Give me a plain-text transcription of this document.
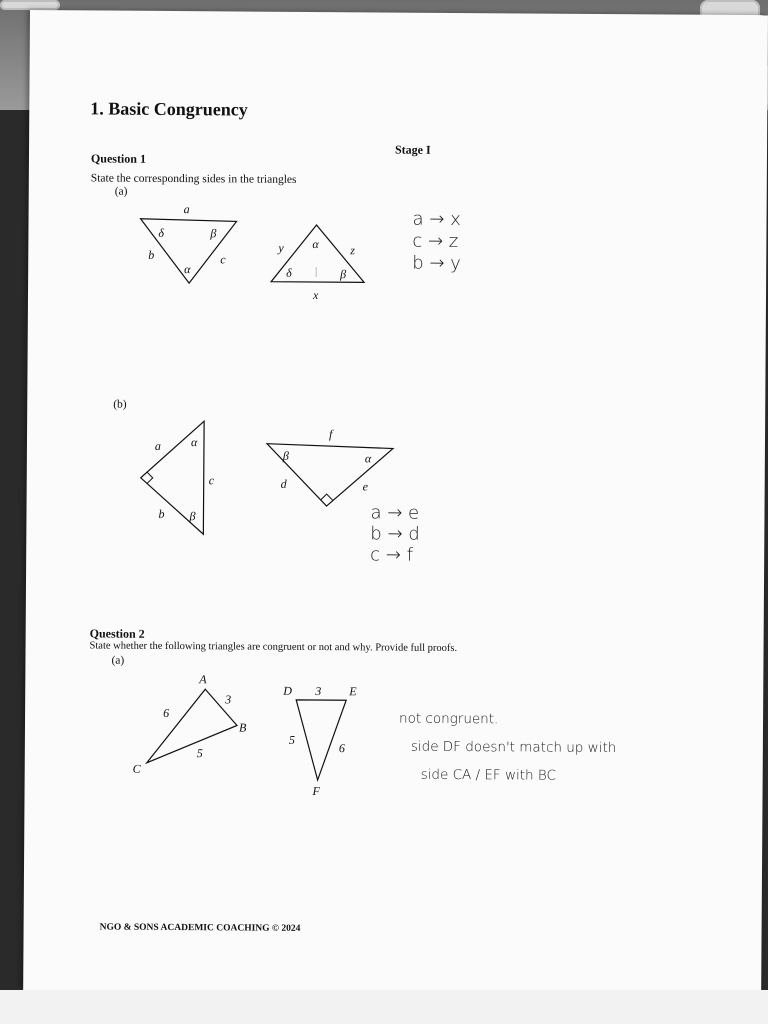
1. Basic Congruency
Stage I
Question 1
State the corresponding sides in the triangles
(a)
a
b	c
δ	β
α
y	z
x
α
δ	β
a → x
c → z
b → y
(b)
a
b
c
α
β
f
d	e
β	α
a → e
b → d
c → f
Question 2
State whether the following triangles are congruent or not and why. Provide full proofs.
(a)
A
B
C
6
3
5
D	E
F
3
5
6
not congruent.
side DF doesn't match up with
side CA / EF with BC
NGO & SONS ACADEMIC COACHING © 2024
